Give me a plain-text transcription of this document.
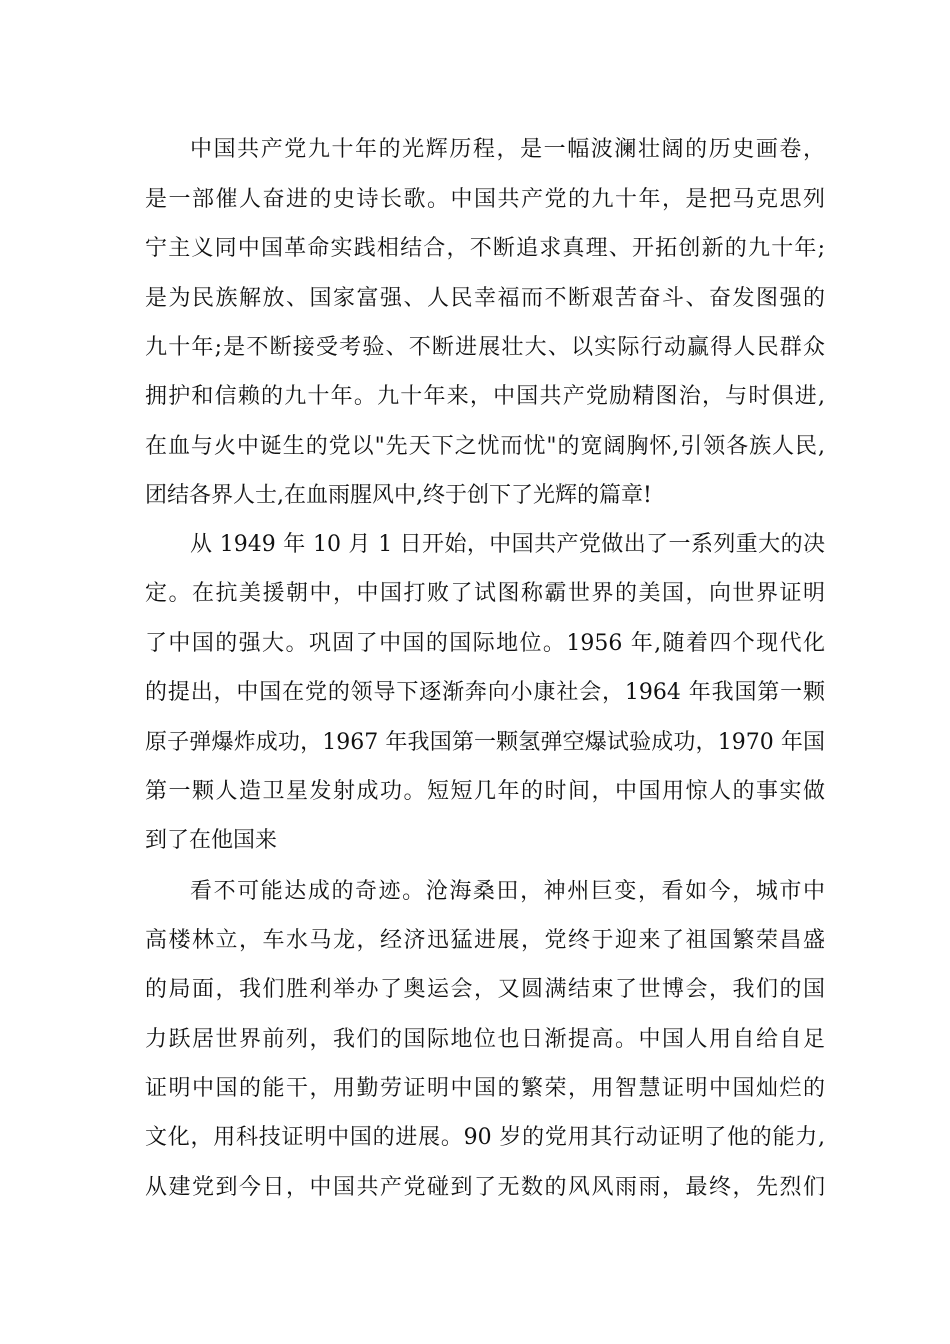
中国共产党九十年的光辉历程，是一幅波澜壮阔的历史画卷，
是一部催人奋进的史诗长歌。中国共产党的九十年，是把马克思列
宁主义同中国革命实践相结合，不断追求真理、开拓创新的九十年;
是为民族解放、国家富强、人民幸福而不断艰苦奋斗、奋发图强的
九十年;是不断接受考验、不断进展壮大、以实际行动赢得人民群众
拥护和信赖的九十年。九十年来，中国共产党励精图治，与时俱进,
在血与火中诞生的党以"先天下之忧而忧"的宽阔胸怀,引领各族人民,
团结各界人士,在血雨腥风中,终于创下了光辉的篇章!
从 1949 年 10 月 1 日开始，中国共产党做出了一系列重大的决
定。在抗美援朝中，中国打败了试图称霸世界的美国，向世界证明
了中国的强大。巩固了中国的国际地位。1956 年,随着四个现代化
的提出，中国在党的领导下逐渐奔向小康社会，1964 年我国第一颗
原子弹爆炸成功，1967 年我国第一颗氢弹空爆试验成功，1970 年国
第一颗人造卫星发射成功。短短几年的时间，中国用惊人的事实做
到了在他国来
看不可能达成的奇迹。沧海桑田，神州巨变，看如今，城市中
高楼林立，车水马龙，经济迅猛进展，党终于迎来了祖国繁荣昌盛
的局面，我们胜利举办了奥运会，又圆满结束了世博会，我们的国
力跃居世界前列，我们的国际地位也日渐提高。中国人用自给自足
证明中国的能干，用勤劳证明中国的繁荣，用智慧证明中国灿烂的
文化，用科技证明中国的进展。90 岁的党用其行动证明了他的能力,
从建党到今日，中国共产党碰到了无数的风风雨雨，最终，先烈们
